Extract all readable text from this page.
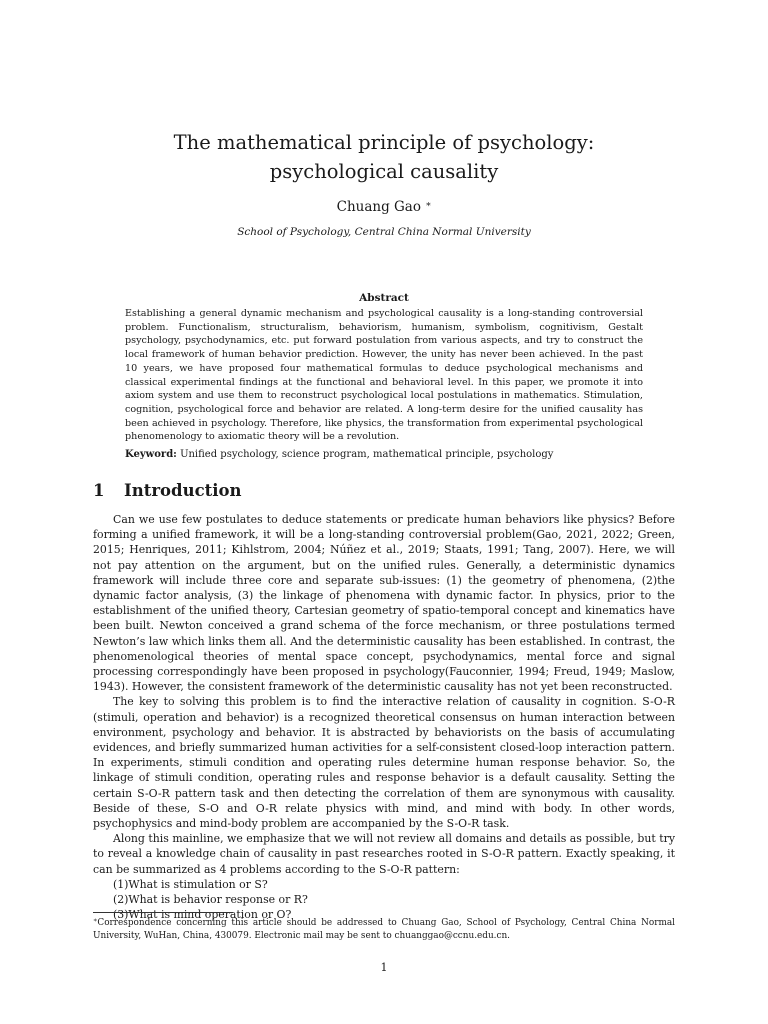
The mathematical principle of psychology: psychological causality
Chuang Gao ∗
School of Psychology, Central China Normal University
Abstract
Establishing a general dynamic mechanism and psychological causality is a long-standing controversial problem. Functionalism, structuralism, behaviorism, humanism, symbolism, cognitivism, Gestalt psychology, psychodynamics, etc. put forward postulation from various aspects, and try to construct the local framework of human behavior prediction. However, the unity has never been achieved. In the past 10 years, we have proposed four mathematical formulas to deduce psychological mechanisms and classical experimental findings at the functional and behavioral level. In this paper, we promote it into axiom system and use them to reconstruct psychological local postulations in mathematics. Stimulation, cognition, psychological force and behavior are related. A long-term desire for the unified causality has been achieved in psychology. Therefore, like physics, the transformation from experimental psychological phenomenology to axiomatic theory will be a revolution.
Keyword: Unified psychology, science program, mathematical principle, psychology
1 Introduction

Can we use few postulates to deduce statements or predicate human behaviors like physics? Before forming a unified framework, it will be a long-standing controversial problem(Gao, 2021, 2022; Green, 2015; Henriques, 2011; Kihlstrom, 2004; Núñez et al., 2019; Staats, 1991; Tang, 2007). Here, we will not pay attention on the argument, but on the unified rules. Generally, a deterministic dynamics framework will include three core and separate sub-issues: (1) the geometry of phenomena, (2)the dynamic factor analysis, (3) the linkage of phenomena with dynamic factor. In physics, prior to the establishment of the unified theory, Cartesian geometry of spatio-temporal concept and kinematics have been built. Newton conceived a grand schema of the force mechanism, or three postulations termed Newton’s law which links them all. And the deterministic causality has been established. In contrast, the phenomenological theories of mental space concept, psychodynamics, mental force and signal processing correspondingly have been proposed in psychology(Fauconnier, 1994; Freud, 1949; Maslow, 1943). However, the consistent framework of the deterministic causality has not yet been reconstructed.

The key to solving this problem is to find the interactive relation of causality in cognition. S-O-R (stimuli, operation and behavior) is a recognized theoretical consensus on human interaction between environment, psychology and behavior. It is abstracted by behaviorists on the basis of accumulating evidences, and briefly summarized human activities for a self-consistent closed-loop interaction pattern. In experiments, stimuli condition and operating rules determine human response behavior. So, the linkage of stimuli condition, operating rules and response behavior is a default causality. Setting the certain S-O-R pattern task and then detecting the correlation of them are synonymous with causality. Beside of these, S-O and O-R relate physics with mind, and mind with body. In other words, psychophysics and mind-body problem are accompanied by the S-O-R task.

Along this mainline, we emphasize that we will not review all domains and details as possible, but try to reveal a knowledge chain of causality in past researches rooted in S-O-R pattern. Exactly speaking, it can be summarized as 4 problems according to the S-O-R pattern:

(1)What is stimulation or S?

(2)What is behavior response or R?

(3)What is mind operation or O?

∗Correspondence concerning this article should be addressed to Chuang Gao, School of Psychology, Central China Normal University, WuHan, China, 430079. Electronic mail may be sent to chuanggao@ccnu.edu.cn.
1
